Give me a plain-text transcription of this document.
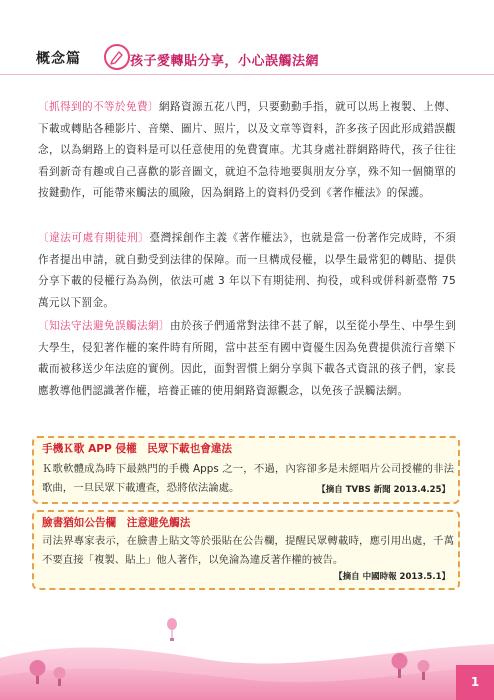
概念篇	孩子愛轉貼分享，小心誤觸法網
〔抓得到的不等於免費〕網路資源五花八門，只要動動手指，就可以馬上複製、上傳、下載或轉貼各種影片、音樂、圖片、照片，以及文章等資料，許多孩子因此形成錯誤觀念，以為網路上的資料是可以任意使用的免費寶庫。尤其身處社群網路時代，孩子往往看到新奇有趣或自己喜歡的影音圖文，就迫不急待地要與朋友分享，殊不知一個簡單的按鍵動作，可能帶來觸法的風險，因為網路上的資料仍受到《著作權法》的保護。
〔違法可處有期徒刑〕臺灣採創作主義《著作權法》，也就是當一份著作完成時，不須作者提出申請，就自動受到法律的保障。而一旦構成侵權，以學生最常犯的轉貼、提供分享下載的侵權行為為例，依法可處 3 年以下有期徒刑、拘役，或科或併科新臺幣 75 萬元以下罰金。
〔知法守法避免誤觸法網〕由於孩子們通常對法律不甚了解，以至從小學生、中學生到大學生，侵犯著作權的案件時有所聞，當中甚至有國中資優生因為免費提供流行音樂下載而被移送少年法庭的實例。因此，面對習慣上網分享與下載各式資訊的孩子們，家長應教導他們認識著作權，培養正確的使用網路資源觀念，以免孩子誤觸法網。
手機Ｋ歌 APP 侵權　民眾下載也會違法
Ｋ歌軟體成為時下最熱門的手機 Apps 之一，不過，內容卻多是未經唱片公司授權的非法歌曲，一旦民眾下載遭查，恐將依法論處。	【摘自 TVBS 新聞 2013.4.25】
臉書猶如公告欄　注意避免觸法
司法界專家表示，在臉書上貼文等於張貼在公告欄，提醒民眾轉載時，應引用出處，千萬不要直接「複製、貼上」他人著作，以免淪為違反著作權的被告。
【摘自 中國時報 2013.5.1】
1
